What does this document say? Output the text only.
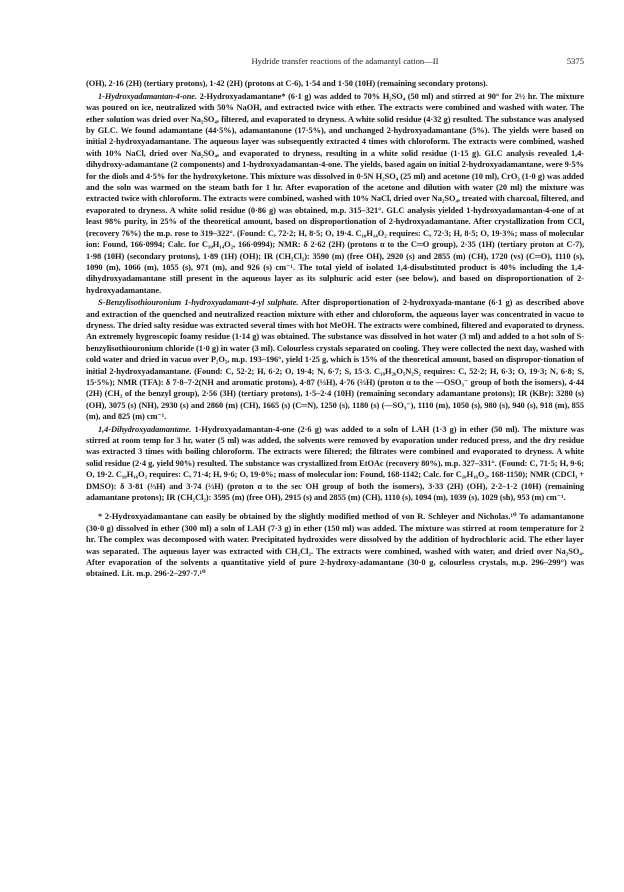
Hydride transfer reactions of the adamantyl cation—II	5375

(OH), 2·16 (2H) (tertiary protons), 1·42 (2H) (protons at C-6), 1·54 and 1·50 (10H) (remaining secondary protons).

1-Hydroxyadamantan-4-one. 2-Hydroxyadamantane* (6·1 g) was added to 70% H₂SO₄ (50 ml) and stirred at 90° for 2½ hr. The mixture was poured on ice, neutralized with 50% NaOH, and extracted twice with ether. The extracts were combined and washed with water. The ether solution was dried over Na₂SO₄, filtered, and evaporated to dryness. A white solid residue (4·32 g) resulted. The substance was analysed by GLC. We found adamantane (44·5%), adamantanone (17·5%), and unchanged 2-hydroxyadamantane (5%). The yields were based on initial 2-hydroxyadamantane. The aqueous layer was subsequently extracted 4 times with chloroform. The extracts were combined, washed with 10% NaCl, dried over Na₂SO₄, and evaporated to dryness, resulting in a white solid residue (1·15 g). GLC analysis revealed 1,4-dihydroxy-adamantane (2 components) and 1-hydroxyadamantan-4-one. The yields, based again on initial 2-hydroxyadamantane, were 9·5% for the diols and 4·5% for the hydroxyketone. This mixture was dissolved in 0·5N H₂SO₄ (25 ml) and acetone (10 ml), CrO₃ (1·0 g) was added and the soln was warmed on the steam bath for 1 hr. After evaporation of the acetone and dilution with water (20 ml) the mixture was extracted twice with chloroform. The extracts were combined, washed with 10% NaCl, dried over Na₂SO₄, treated with charcoal, filtered, and evaporated to dryness. A white solid residue (0·86 g) was obtained, m.p. 315–321°. GLC analysis yielded 1-hydroxyadamantan-4-one of at least 98% purity, in 25% of the theoretical amount, based on disproportionation of 2-hydroxyadamantane. After crystallization from CCl₄ (recovery 76%) the m.p. rose to 319–322°. (Found: C, 72·2; H, 8·5; O, 19·4. C₁₀H₁₄O₂ requires: C, 72·3; H, 8·5; O, 19·3%; mass of molecular ion: Found, 166·0994; Calc. for C₁₀H₁₄O₂, 166·0994); NMR: δ 2·62 (2H) (protons α to the C═O group), 2·35 (1H) (tertiary proton at C-7), 1·98 (10H) (secondary protons), 1·89 (1H) (OH); IR (CH₂Cl₂): 3590 (m) (free OH), 2920 (s) and 2855 (m) (CH), 1720 (vs) (C═O), 1110 (s), 1090 (m), 1066 (m), 1055 (s), 971 (m), and 926 (s) cm⁻¹. The total yield of isolated 1,4-disubstituted product is 40% including the 1,4-dihydroxyadamantane still present in the aqueous layer as its sulphuric acid ester (see below), and based on disproportionation of 2-hydroxyadamantane.

S-Benzylisothiouronium 1-hydroxyadamant-4-yl sulphate. After disproportionation of 2-hydroxyada-mantane (6·1 g) as described above and extraction of the quenched and neutralized reaction mixture with ether and chloroform, the aqueous layer was concentrated in vacuo to dryness. The dried salty residue was extracted several times with hot MeOH. The extracts were combined, filtered and evaporated to dryness. An extremely hygroscopic foamy residue (1·14 g) was obtained. The substance was dissolved in hot water (3 ml) and added to a hot soln of S-benzylisothiouronium chloride (1·0 g) in water (3 ml). Colourless crystals separated on cooling. They were collected the next day, washed with cold water and dried in vacuo over P₂O₅, m.p. 193–196°, yield 1·25 g, which is 15% of the theoretical amount, based on dispropor-tionation of initial 2-hydroxyadamantane. (Found: C, 52·2; H, 6·2; O, 19·4; N, 6·7; S, 15·3. C₁₈H₂₆O₅N₂S₂ requires: C, 52·2; H, 6·3; O, 19·3; N, 6·8; S, 15·5%); NMR (TFA): δ 7·8–7·2(NH and aromatic protons), 4·87 (⅓H), 4·76 (⅔H) (proton α to the —OSO₃⁻ group of both the isomers), 4·44 (2H) (CH₂ of the benzyl group), 2·56 (3H) (tertiary protons), 1·5–2·4 (10H) (remaining secondary adamantane protons); IR (KBr): 3280 (s) (OH), 3075 (s) (NH), 2930 (s) and 2860 (m) (CH), 1665 (s) (C═N), 1250 (s), 1180 (s) (—SO₃⁻), 1110 (m), 1050 (s), 980 (s), 940 (s), 918 (m), 855 (m), and 825 (m) cm⁻¹.

1,4-Dihydroxyadamantane. 1-Hydroxyadamantan-4-one (2·6 g) was added to a soln of LAH (1·3 g) in ether (50 ml). The mixture was stirred at room temp for 3 hr, water (5 ml) was added, the solvents were removed by evaporation under reduced press, and the dry residue was extracted 3 times with boiling chloroform. The extracts were filtered; the filtrates were combined and evaporated to dryness. A white solid residue (2·4 g, yield 90%) resulted. The substance was crystallized from EtOAc (recovery 80%), m.p. 327–331°. (Found: C, 71·5; H, 9·6; O, 19·2. C₁₀H₁₆O₂ requires: C, 71·4; H, 9·6; O, 19·0%; mass of molecular ion: Found, 168·1142; Calc. for C₁₀H₁₆O₂, 168·1150); NMR (CDCl₃ + DMSO): δ 3·81 (⅓H) and 3·74 (⅔H) (proton α to the sec OH group of both the isomers), 3·33 (2H) (OH), 2·2–1·2 (10H) (remaining adamantane protons); IR (CH₂Cl₂): 3595 (m) (free OH), 2915 (s) and 2855 (m) (CH), 1110 (s), 1094 (m), 1039 (s), 1029 (sh), 953 (m) cm⁻¹.

* 2-Hydroxyadamantane can easily be obtained by the slightly modified method of von R. Schleyer and Nicholas.¹⁰ To adamantanone (30·0 g) dissolved in ether (300 ml) a soln of LAH (7·3 g) in ether (150 ml) was added. The mixture was stirred at room temperature for 2 hr. The complex was decomposed with water. Precipitated hydroxides were dissolved by the addition of hydrochloric acid. The ether layer was separated. The aqueous layer was extracted with CH₂Cl₂. The extracts were combined, washed with water, and dried over Na₂SO₄. After evaporation of the solvents a quantitative yield of pure 2-hydroxy-adamantane (30·0 g, colourless crystals, m.p. 296–299°) was obtained. Lit. m.p. 296·2–297·7.¹⁰
